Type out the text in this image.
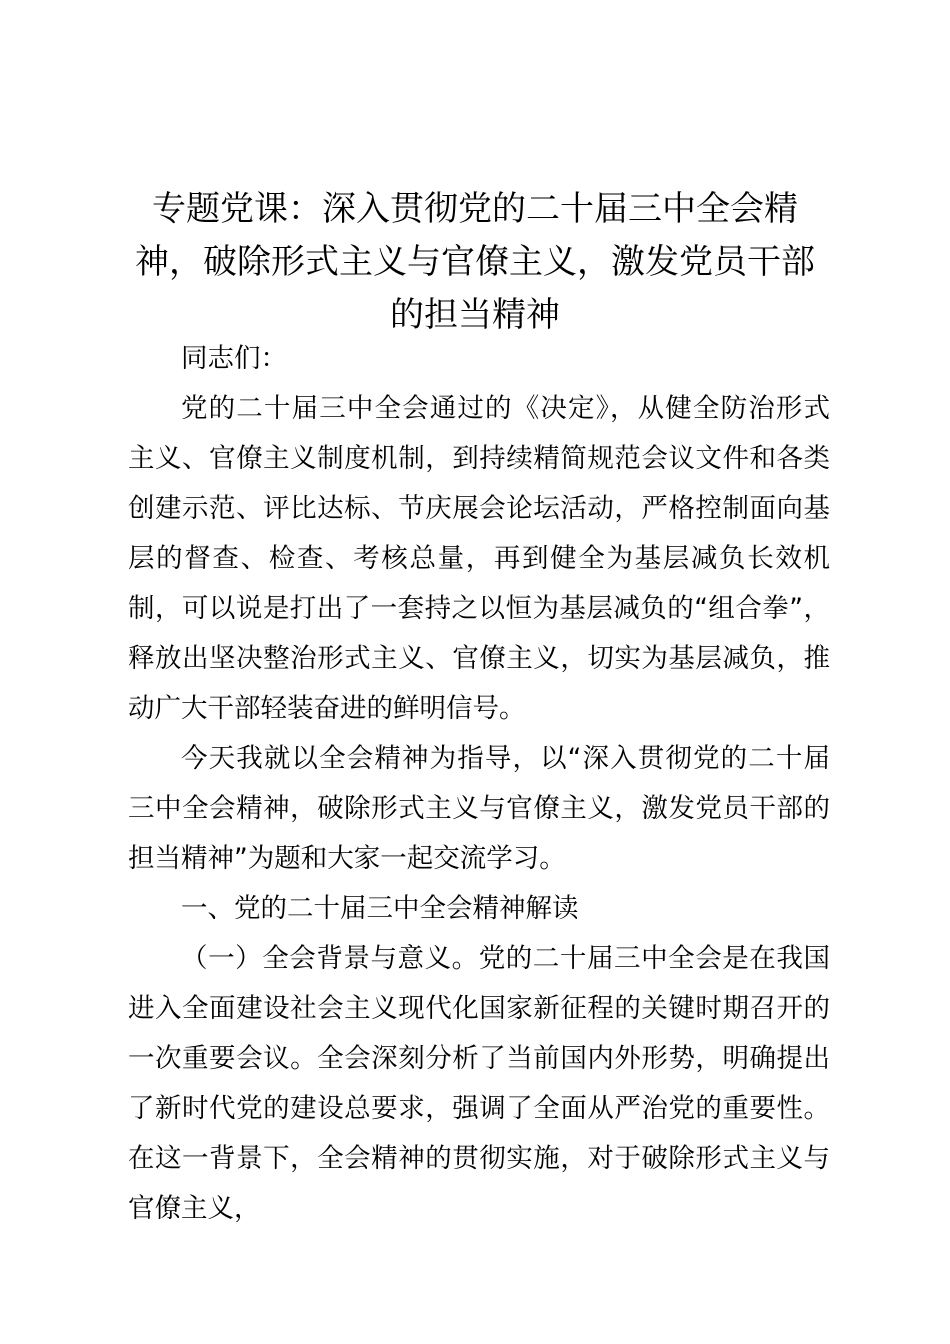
专题党课：深入贯彻党的二十届三中全会精神，破除形式主义与官僚主义，激发党员干部的担当精神

同志们：

党的二十届三中全会通过的《决定》，从健全防治形式主义、官僚主义制度机制，到持续精简规范会议文件和各类创建示范、评比达标、节庆展会论坛活动，严格控制面向基层的督查、检查、考核总量，再到健全为基层减负长效机制，可以说是打出了一套持之以恒为基层减负的“组合拳”，释放出坚决整治形式主义、官僚主义，切实为基层减负，推动广大干部轻装奋进的鲜明信号。

今天我就以全会精神为指导，以“深入贯彻党的二十届三中全会精神，破除形式主义与官僚主义，激发党员干部的担当精神”为题和大家一起交流学习。

一、党的二十届三中全会精神解读

（一）全会背景与意义。党的二十届三中全会是在我国进入全面建设社会主义现代化国家新征程的关键时期召开的一次重要会议。全会深刻分析了当前国内外形势，明确提出了新时代党的建设总要求，强调了全面从严治党的重要性。在这一背景下，全会精神的贯彻实施，对于破除形式主义与官僚主义，
